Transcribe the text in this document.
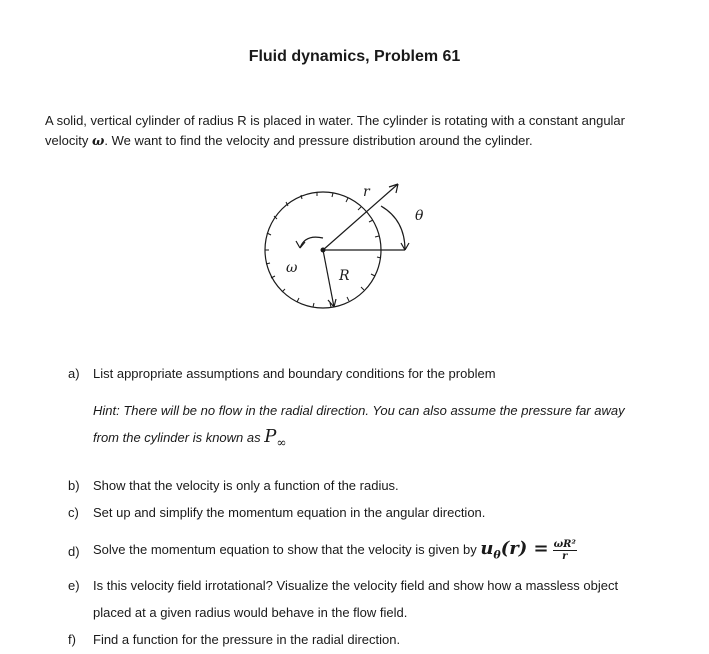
Fluid dynamics, Problem 61
A solid, vertical cylinder of radius R is placed in water. The cylinder is rotating with a constant angular
velocity ω. We want to find the velocity and pressure distribution around the cylinder.
r
θ
ω	R
a) List appropriate assumptions and boundary conditions for the problem
Hint: There will be no flow in the radial direction. You can also assume the pressure far away
from the cylinder is known as $P_\infty$
b) Show that the velocity is only a function of the radius.
c) Set up and simplify the momentum equation in the angular direction.
d) Solve the momentum equation to show that the velocity is given by $u_\theta(r) = \frac{\text{ωR²}}{r}$
e) Is this velocity field irrotational? Visualize the velocity field and show how a massless object
placed at a given radius would behave in the flow field.
f) Find a function for the pressure in the radial direction.
